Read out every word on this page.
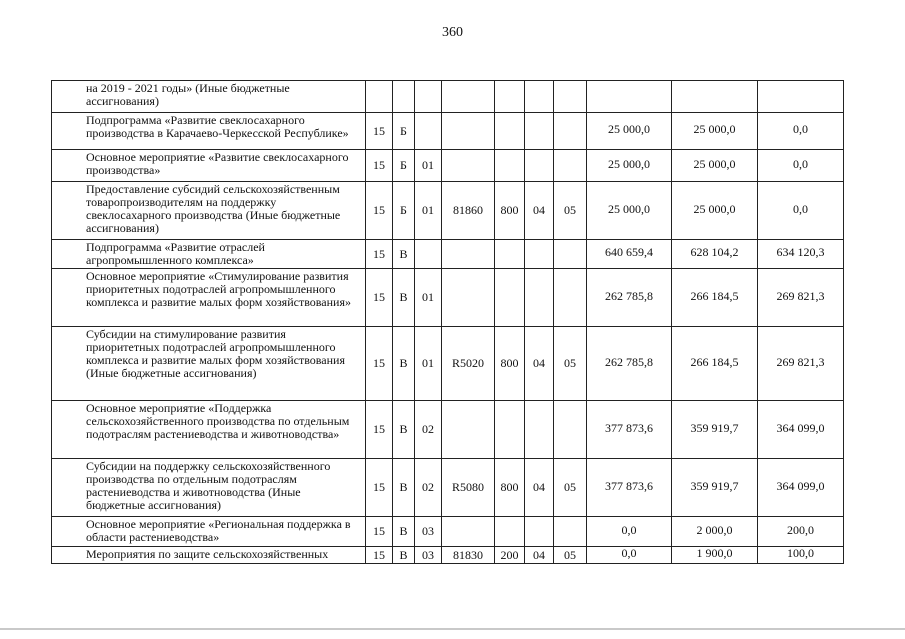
360
на 2019 - 2021 годы» (Иные бюджетные ассигнования)										
Подпрограмма «Развитие свеклосахарного производства в Карачаево-Черкесской Республике»	15	Б						25 000,0	25 000,0	0,0
Основное мероприятие «Развитие свеклосахарного производства»	15	Б	01					25 000,0	25 000,0	0,0
Предоставление субсидий сельскохозяйственным товаропроизводителям на поддержку свеклосахарного производства (Иные бюджетные ассигнования)	15	Б	01	81860	800	04	05	25 000,0	25 000,0	0,0
Подпрограмма «Развитие отраслей агропромышленного комплекса»	15	В						640 659,4	628 104,2	634 120,3
Основное мероприятие «Стимулирование развития приоритетных подотраслей агропромышленного комплекса и развитие малых форм хозяйствования»	15	В	01					262 785,8	266 184,5	269 821,3
Субсидии на стимулирование развития приоритетных подотраслей агропромышленного комплекса и развитие малых форм хозяйствования (Иные бюджетные ассигнования)	15	В	01	R5020	800	04	05	262 785,8	266 184,5	269 821,3
Основное мероприятие «Поддержка сельскохозяйственного производства по отдельным подотраслям растениеводства и животноводства»	15	В	02					377 873,6	359 919,7	364 099,0
Субсидии на поддержку сельскохозяйственного производства по отдельным подотраслям растениеводства и животноводства (Иные бюджетные ассигнования)	15	В	02	R5080	800	04	05	377 873,6	359 919,7	364 099,0
Основное мероприятие «Региональная поддержка в области растениеводства»	15	В	03					0,0	2 000,0	200,0
Мероприятия по защите сельскохозяйственных	15	В	03	81830	200	04	05	0,0	1 900,0	100,0
